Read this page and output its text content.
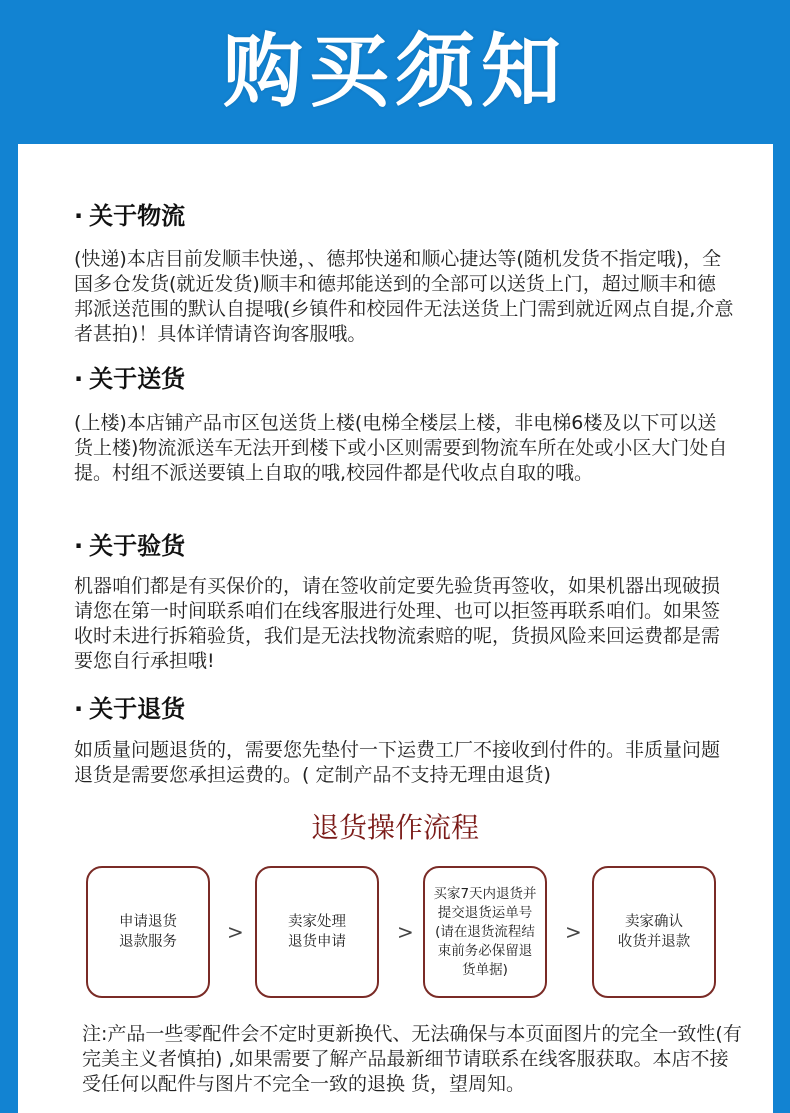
购买须知
· 关于物流
(快递)本店目前发顺丰快递，、德邦快递和顺心捷达等(随机发货不指定哦)，全国多仓发货(就近发货)顺丰和德邦能送到的全部可以送货上门，超过顺丰和德邦派送范围的默认自提哦(乡镇件和校园件无法送货上门需到就近网点自提,介意者甚拍)！具体详情请咨询客服哦。
· 关于送货
(上楼)本店铺产品市区包送货上楼(电梯全楼层上楼，非电梯6楼及以下可以送货上楼)物流派送车无法开到楼下或小区则需要到物流车所在处或小区大门处自提。村组不派送要镇上自取的哦,校园件都是代收点自取的哦。
· 关于验货
机器咱们都是有买保价的，请在签收前定要先验货再签收，如果机器出现破损请您在第一时间联系咱们在线客服进行处理、也可以拒签再联系咱们。如果签收时未进行拆箱验货，我们是无法找物流索赔的呢，货损风险来回运费都是需要您自行承担哦!
· 关于退货
如质量问题退货的，需要您先垫付一下运费工厂不接收到付件的。非质量问题退货是需要您承担运费的。( 定制产品不支持无理由退货)
退货操作流程
申请退货
退款服务	>	卖家处理
退货申请	>
买家7天内退货并
提交退货运单号
(请在退货流程结
束前务必保留退
货单据)
>	卖家确认
收货并退款
注:产品一些零配件会不定时更新换代、无法确保与本页面图片的完全一致性(有 完美主义者慎拍) ,如果需要了解产品最新细节请联系在线客服获取。本店不接受任何以配件与图片不完全一致的退换 货，望周知。
